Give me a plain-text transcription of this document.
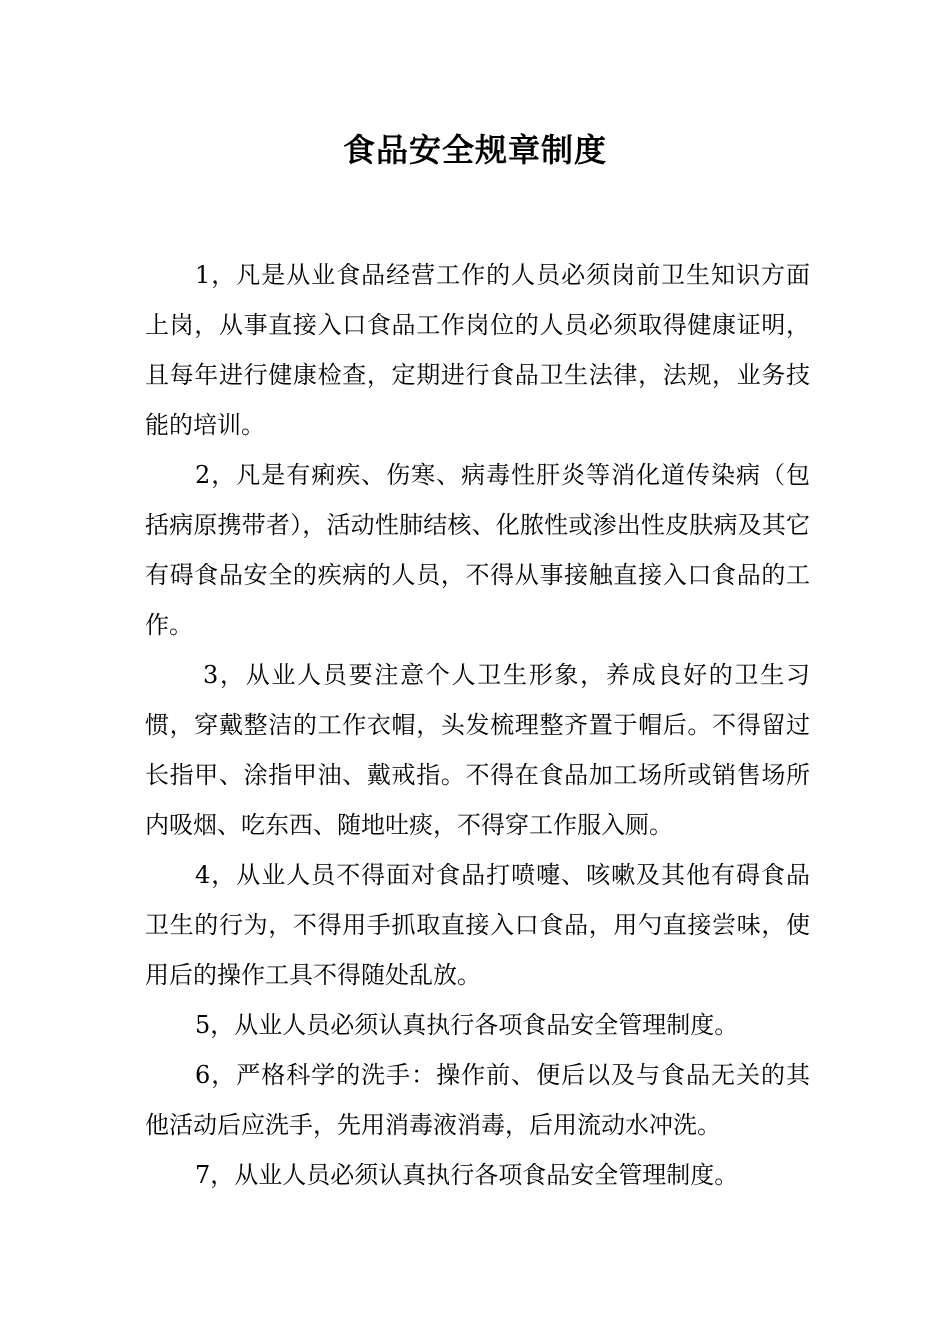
食品安全规章制度

1，凡是从业食品经营工作的人员必须岗前卫生知识方面上岗，从事直接入口食品工作岗位的人员必须取得健康证明，且每年进行健康检查，定期进行食品卫生法律，法规，业务技能的培训。

2，凡是有痢疾、伤寒、病毒性肝炎等消化道传染病（包括病原携带者），活动性肺结核、化脓性或渗出性皮肤病及其它有碍食品安全的疾病的人员，不得从事接触直接入口食品的工作。

3，从业人员要注意个人卫生形象，养成良好的卫生习惯，穿戴整洁的工作衣帽，头发梳理整齐置于帽后。不得留过长指甲、涂指甲油、戴戒指。不得在食品加工场所或销售场所内吸烟、吃东西、随地吐痰，不得穿工作服入厕。

4，从业人员不得面对食品打喷嚏、咳嗽及其他有碍食品卫生的行为，不得用手抓取直接入口食品，用勺直接尝味，使用后的操作工具不得随处乱放。

5，从业人员必须认真执行各项食品安全管理制度。

6，严格科学的洗手：操作前、便后以及与食品无关的其他活动后应洗手，先用消毒液消毒，后用流动水冲洗。

7，从业人员必须认真执行各项食品安全管理制度。
